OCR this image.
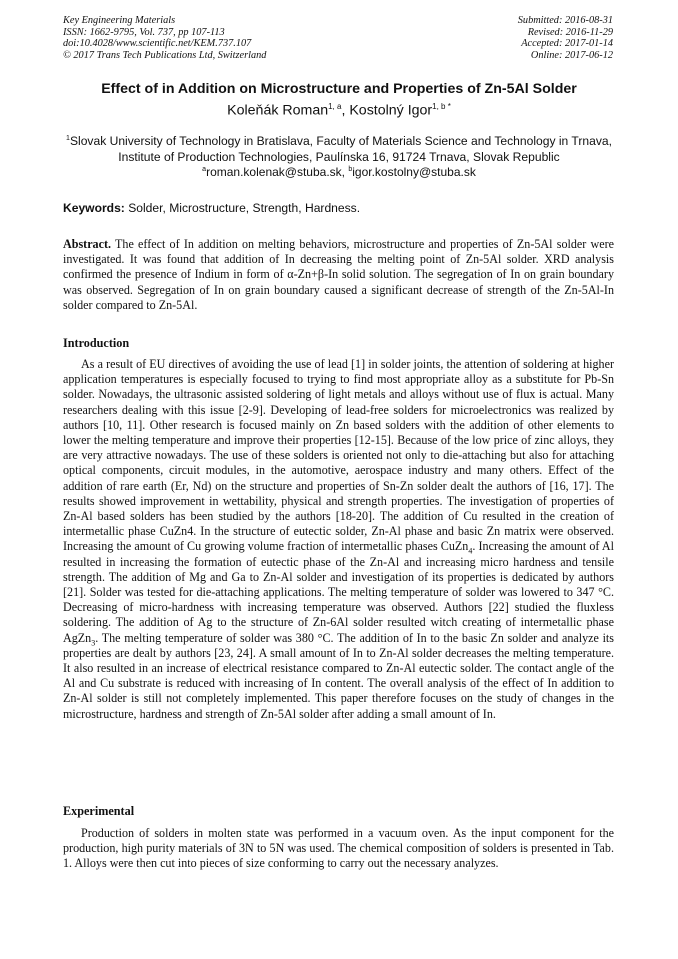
Key Engineering Materials
ISSN: 1662-9795, Vol. 737, pp 107-113
doi:10.4028/www.scientific.net/KEM.737.107
© 2017 Trans Tech Publications Ltd, Switzerland
Submitted: 2016-08-31
Revised: 2016-11-29
Accepted: 2017-01-14
Online: 2017-06-12
Effect of in Addition on Microstructure and Properties of Zn-5Al Solder
Koleňák Roman$^{1, a}$, Kostolný Igor$^{1, b *}$
$^1$Slovak University of Technology in Bratislava, Faculty of Materials Science and Technology in Trnava, Institute of Production Technologies, Paulínska 16, 91724 Trnava, Slovak Republic
$^a$roman.kolenak@stuba.sk, $^b$igor.kostolny@stuba.sk
Keywords: Solder, Microstructure, Strength, Hardness.
Abstract. The effect of In addition on melting behaviors, microstructure and properties of Zn-5Al solder were investigated. It was found that addition of In decreasing the melting point of Zn-5Al solder. XRD analysis confirmed the presence of Indium in form of α-Zn+β-In solid solution. The segregation of In on grain boundary was observed. Segregation of In on grain boundary caused a significant decrease of strength of the Zn-5Al-In solder compared to Zn-5Al.
Introduction
As a result of EU directives of avoiding the use of lead [1] in solder joints, the attention of soldering at higher application temperatures is especially focused to trying to find most appropriate alloy as a substitute for Pb-Sn solder. Nowadays, the ultrasonic assisted soldering of light metals and alloys without use of flux is actual. Many researchers dealing with this issue [2-9]. Developing of lead-free solders for microelectronics was realized by authors [10, 11]. Other research is focused mainly on Zn based solders with the addition of other elements to lower the melting temperature and improve their properties [12-15]. Because of the low price of zinc alloys, they are very attractive nowadays. The use of these solders is oriented not only to die-attaching but also for attaching optical components, circuit modules, in the automotive, aerospace industry and many others. Effect of the addition of rare earth (Er, Nd) on the structure and properties of Sn-Zn solder dealt the authors of [16, 17]. The results showed improvement in wettability, physical and strength properties. The investigation of properties of Zn-Al based solders has been studied by the authors [18-20]. The addition of Cu resulted in the creation of intermetallic phase CuZn4. In the structure of eutectic solder, Zn-Al phase and basic Zn matrix were observed. Increasing the amount of Cu growing volume fraction of intermetallic phases CuZn$_4$. Increasing the amount of Al resulted in increasing the formation of eutectic phase of the Zn-Al and increasing micro hardness and tensile strength. The addition of Mg and Ga to Zn-Al solder and investigation of its properties is dedicated by authors [21]. Solder was tested for die-attaching applications. The melting temperature of solder was lowered to 347 °C. Decreasing of micro-hardness with increasing temperature was observed. Authors [22] studied the fluxless soldering. The addition of Ag to the structure of Zn-6Al solder resulted witch creating of intermetallic phase AgZn$_3$. The melting temperature of solder was 380 °C. The addition of In to the basic Zn solder and analyze its properties are dealt by authors [23, 24]. A small amount of In to Zn-Al solder decreases the melting temperature. It also resulted in an increase of electrical resistance compared to Zn-Al eutectic solder. The contact angle of the Al and Cu substrate is reduced with increasing of In content. The overall analysis of the effect of In addition to Zn-Al solder is still not completely implemented. This paper therefore focuses on the study of changes in the microstructure, hardness and strength of Zn-5Al solder after adding a small amount of In.
Experimental
Production of solders in molten state was performed in a vacuum oven. As the input component for the production, high purity materials of 3N to 5N was used. The chemical composition of solders is presented in Tab. 1. Alloys were then cut into pieces of size conforming to carry out the necessary analyzes.
